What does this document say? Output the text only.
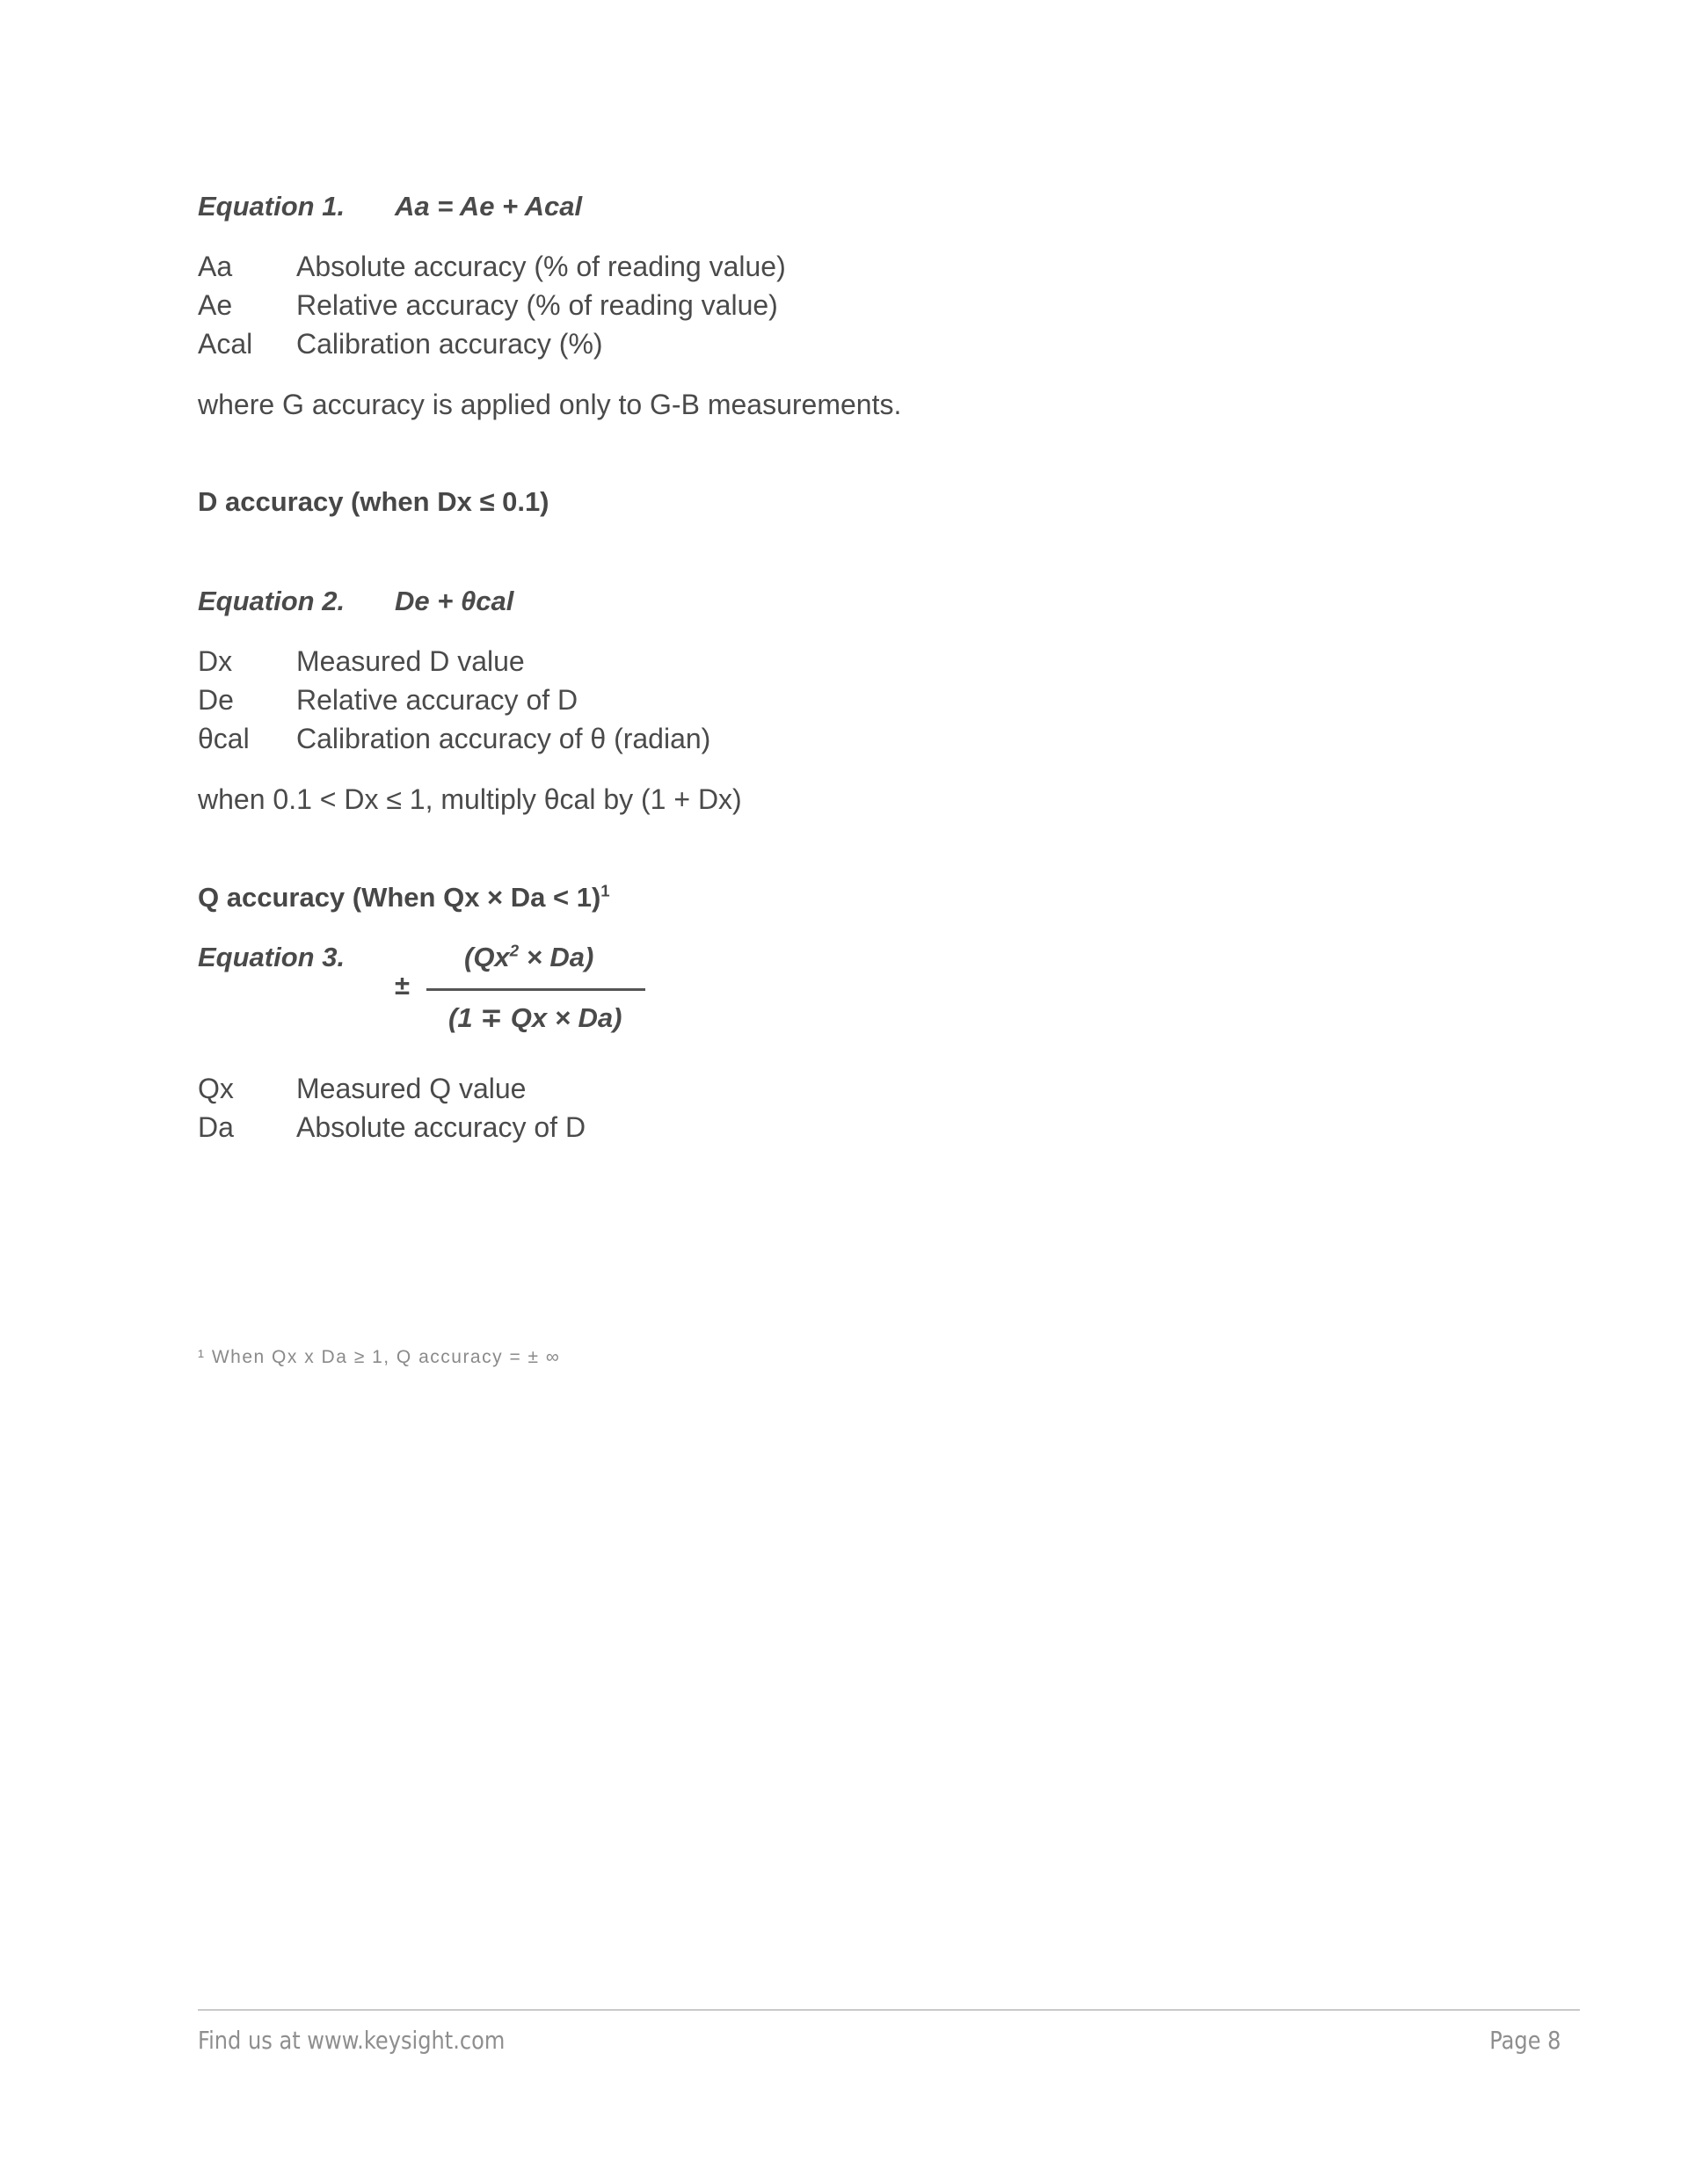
Equation 1. Aa = Ae + Acal
Aa Absolute accuracy (% of reading value)
Ae Relative accuracy (% of reading value)
Acal Calibration accuracy (%)
where G accuracy is applied only to G-B measurements.
D accuracy (when Dx ≤ 0.1)
Equation 2. De + θcal
Dx Measured D value
De Relative accuracy of D
θcal Calibration accuracy of θ (radian)
when 0.1 < Dx ≤ 1, multiply θcal by (1 + Dx)
Q accuracy (When Qx × Da < 1)$^1$
Equation 3.
±
$(Qx^2 \times Da)$
(1 ∓ Qx × Da)
Qx Measured Q value
Da Absolute accuracy of D
¹ When Qx x Da ≥ 1, Q accuracy = ± ∞
Find us at www.keysight.com	Page 8
